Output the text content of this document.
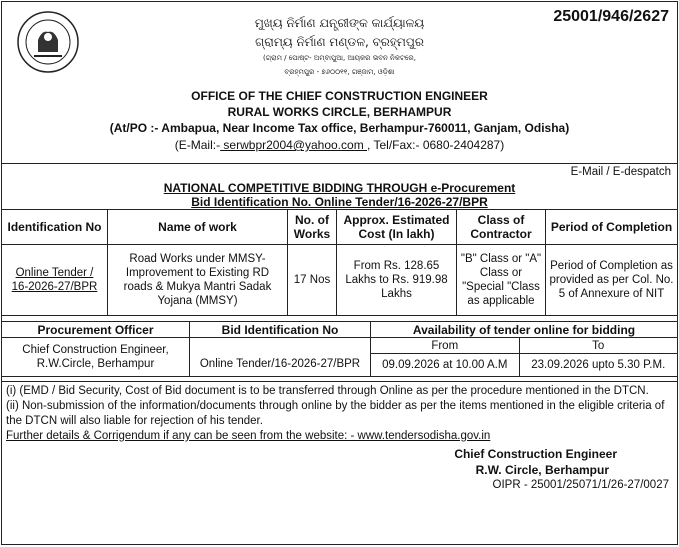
25001/946/2627
ମୁଖ୍ୟ ନିର୍ମାଣ ଯନ୍ତ୍ରୀଙ୍କ କାର୍ଯ୍ୟାଳୟ
ଗ୍ରାମ୍ୟ ନିର୍ମାଣ ମଣ୍ଡଳ, ବ୍ରହ୍ମପୁର
(ଗ୍ରାମ / ପୋଷ୍ଟ- ଅମ୍ବାପୁଆ, ଆୟକର ଭବନ ନିକଟରେ,
ବ୍ରହ୍ମପୁର - ୭୬୦୦୧୧, ଗଞ୍ଜାମ, ଓଡ଼ିଶା
OFFICE OF THE CHIEF CONSTRUCTION ENGINEER
RURAL WORKS CIRCLE, BERHAMPUR
(At/PO :- Ambapua, Near Income Tax office, Berhampur-760011, Ganjam, Odisha)
(E-Mail:- serwbpr2004@yahoo.com , Tel/Fax:- 0680-2404287)
E-Mail / E-despatch
NATIONAL COMPETITIVE BIDDING THROUGH e-Procurement
Bid Identification No. Online Tender/16-2026-27/BPR
Identification No	Name of work	No. of Works	Approx. Estimated Cost (In lakh)	Class of Contractor	Period of Completion
Online Tender /
16-2026-27/BPR	Road Works under MMSY-Improvement to Existing RD roads & Mukya Mantri Sadak Yojana (MMSY)	17 Nos	From Rs. 128.65 Lakhs to Rs. 919.98 Lakhs	"B" Class or "A" Class or "Special "Class as applicable	Period of Completion as provided as per Col. No. 5 of Annexure of NIT
Procurement Officer	Bid Identification No	Availability of tender online for bidding	
Chief Construction Engineer, R.W.Circle, Berhampur	Online Tender/16-2026-27/BPR	From	To
		09.09.2026 at 10.00 A.M	23.09.2026 upto 5.30 P.M.
(i) (EMD / Bid Security, Cost of Bid document is to be transferred through Online as per the procedure mentioned in the DTCN.
(ii) Non-submission of the information/documents through online by the bidder as per the items mentioned in the eligible criteria of the DTCN will also liable for rejection of his tender.
Further details & Corrigendum if any can be seen from the website: - www.tendersodisha.gov.in
Chief Construction Engineer
R.W. Circle, Berhampur
OIPR - 25001/25071/1/26-27/0027
